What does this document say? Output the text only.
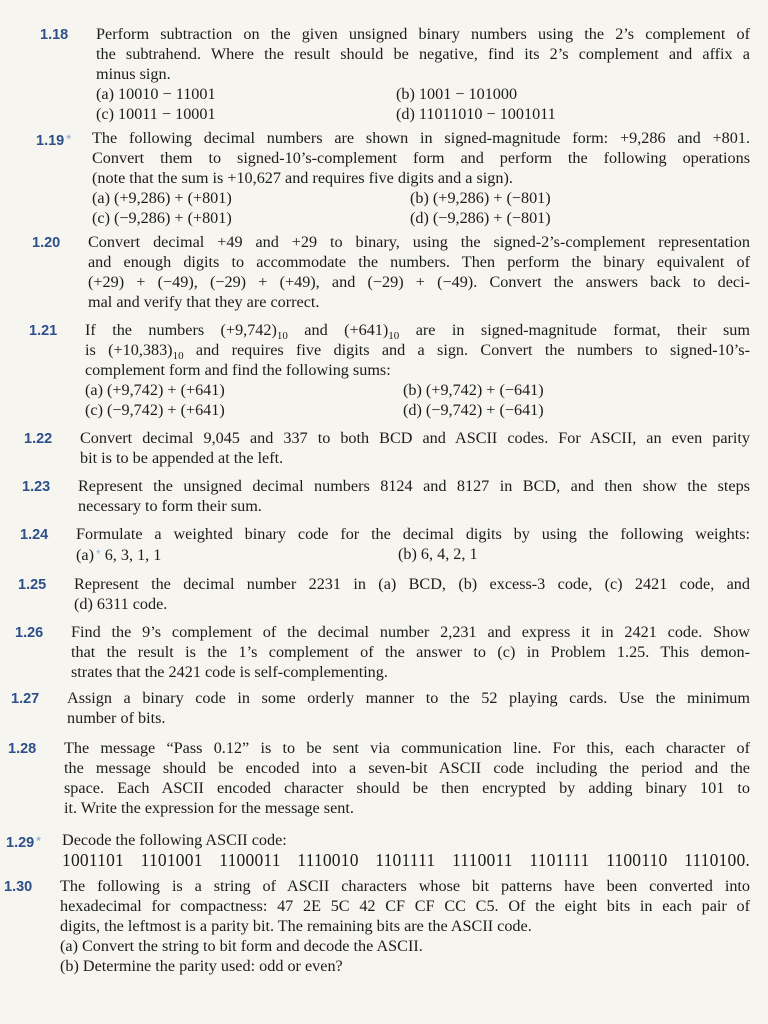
1.18	Perform subtraction on the given unsigned binary numbers using the 2’s complement of
the subtrahend. Where the result should be negative, find its 2’s complement and affix a
minus sign.
(a) 10010 − 11001	(b) 1001 − 101000
(c) 10011 − 10001	(d) 11011010 − 1001011
1.19 *	The following decimal numbers are shown in signed-magnitude form: +9,286 and +801.
Convert them to signed-10’s-complement form and perform the following operations
(note that the sum is +10,627 and requires five digits and a sign).
(a) (+9,286) + (+801)	(b) (+9,286) + (−801)
(c) (−9,286) + (+801)	(d) (−9,286) + (−801)
1.20	Convert decimal +49 and +29 to binary, using the signed-2’s-complement representation
and enough digits to accommodate the numbers. Then perform the binary equivalent of
(+29) + (−49), (−29) + (+49), and (−29) + (−49). Convert the answers back to deci-
mal and verify that they are correct.
1.21	If the numbers $(+9,742)_{10}$ and $(+641)_{10}$ are in signed-magnitude format, their sum
is $(+10,383)_{10}$ and requires five digits and a sign. Convert the numbers to signed-10’s-
complement form and find the following sums:
(a) (+9,742) + (+641)	(b) (+9,742) + (−641)
(c) (−9,742) + (+641)	(d) (−9,742) + (−641)
1.22	Convert decimal 9,045 and 337 to both BCD and ASCII codes. For ASCII, an even parity
bit is to be appended at the left.
1.23	Represent the unsigned decimal numbers 8124 and 8127 in BCD, and then show the steps
necessary to form their sum.
1.24	Formulate a weighted binary code for the decimal digits by using the following weights:
(a) * 6, 3, 1, 1	(b) 6, 4, 2, 1
1.25	Represent the decimal number 2231 in (a) BCD, (b) excess-3 code, (c) 2421 code, and
(d) 6311 code.
1.26	Find the 9’s complement of the decimal number 2,231 and express it in 2421 code. Show
that the result is the 1’s complement of the answer to (c) in Problem 1.25. This demon-
strates that the 2421 code is self-complementing.
1.27	Assign a binary code in some orderly manner to the 52 playing cards. Use the minimum
number of bits.
1.28	The message “Pass 0.12” is to be sent via communication line. For this, each character of
the message should be encoded into a seven-bit ASCII code including the period and the
space. Each ASCII encoded character should be then encrypted by adding binary 101 to
it. Write the expression for the message sent.
1.29 *	Decode the following ASCII code:
1001101 1101001 1100011 1110010 1101111 1110011 1101111 1100110 1110100.
1.30	The following is a string of ASCII characters whose bit patterns have been converted into
hexadecimal for compactness: 47 2E 5C 42 CF CF CC C5. Of the eight bits in each pair of
digits, the leftmost is a parity bit. The remaining bits are the ASCII code.
(a) Convert the string to bit form and decode the ASCII.
(b) Determine the parity used: odd or even?
